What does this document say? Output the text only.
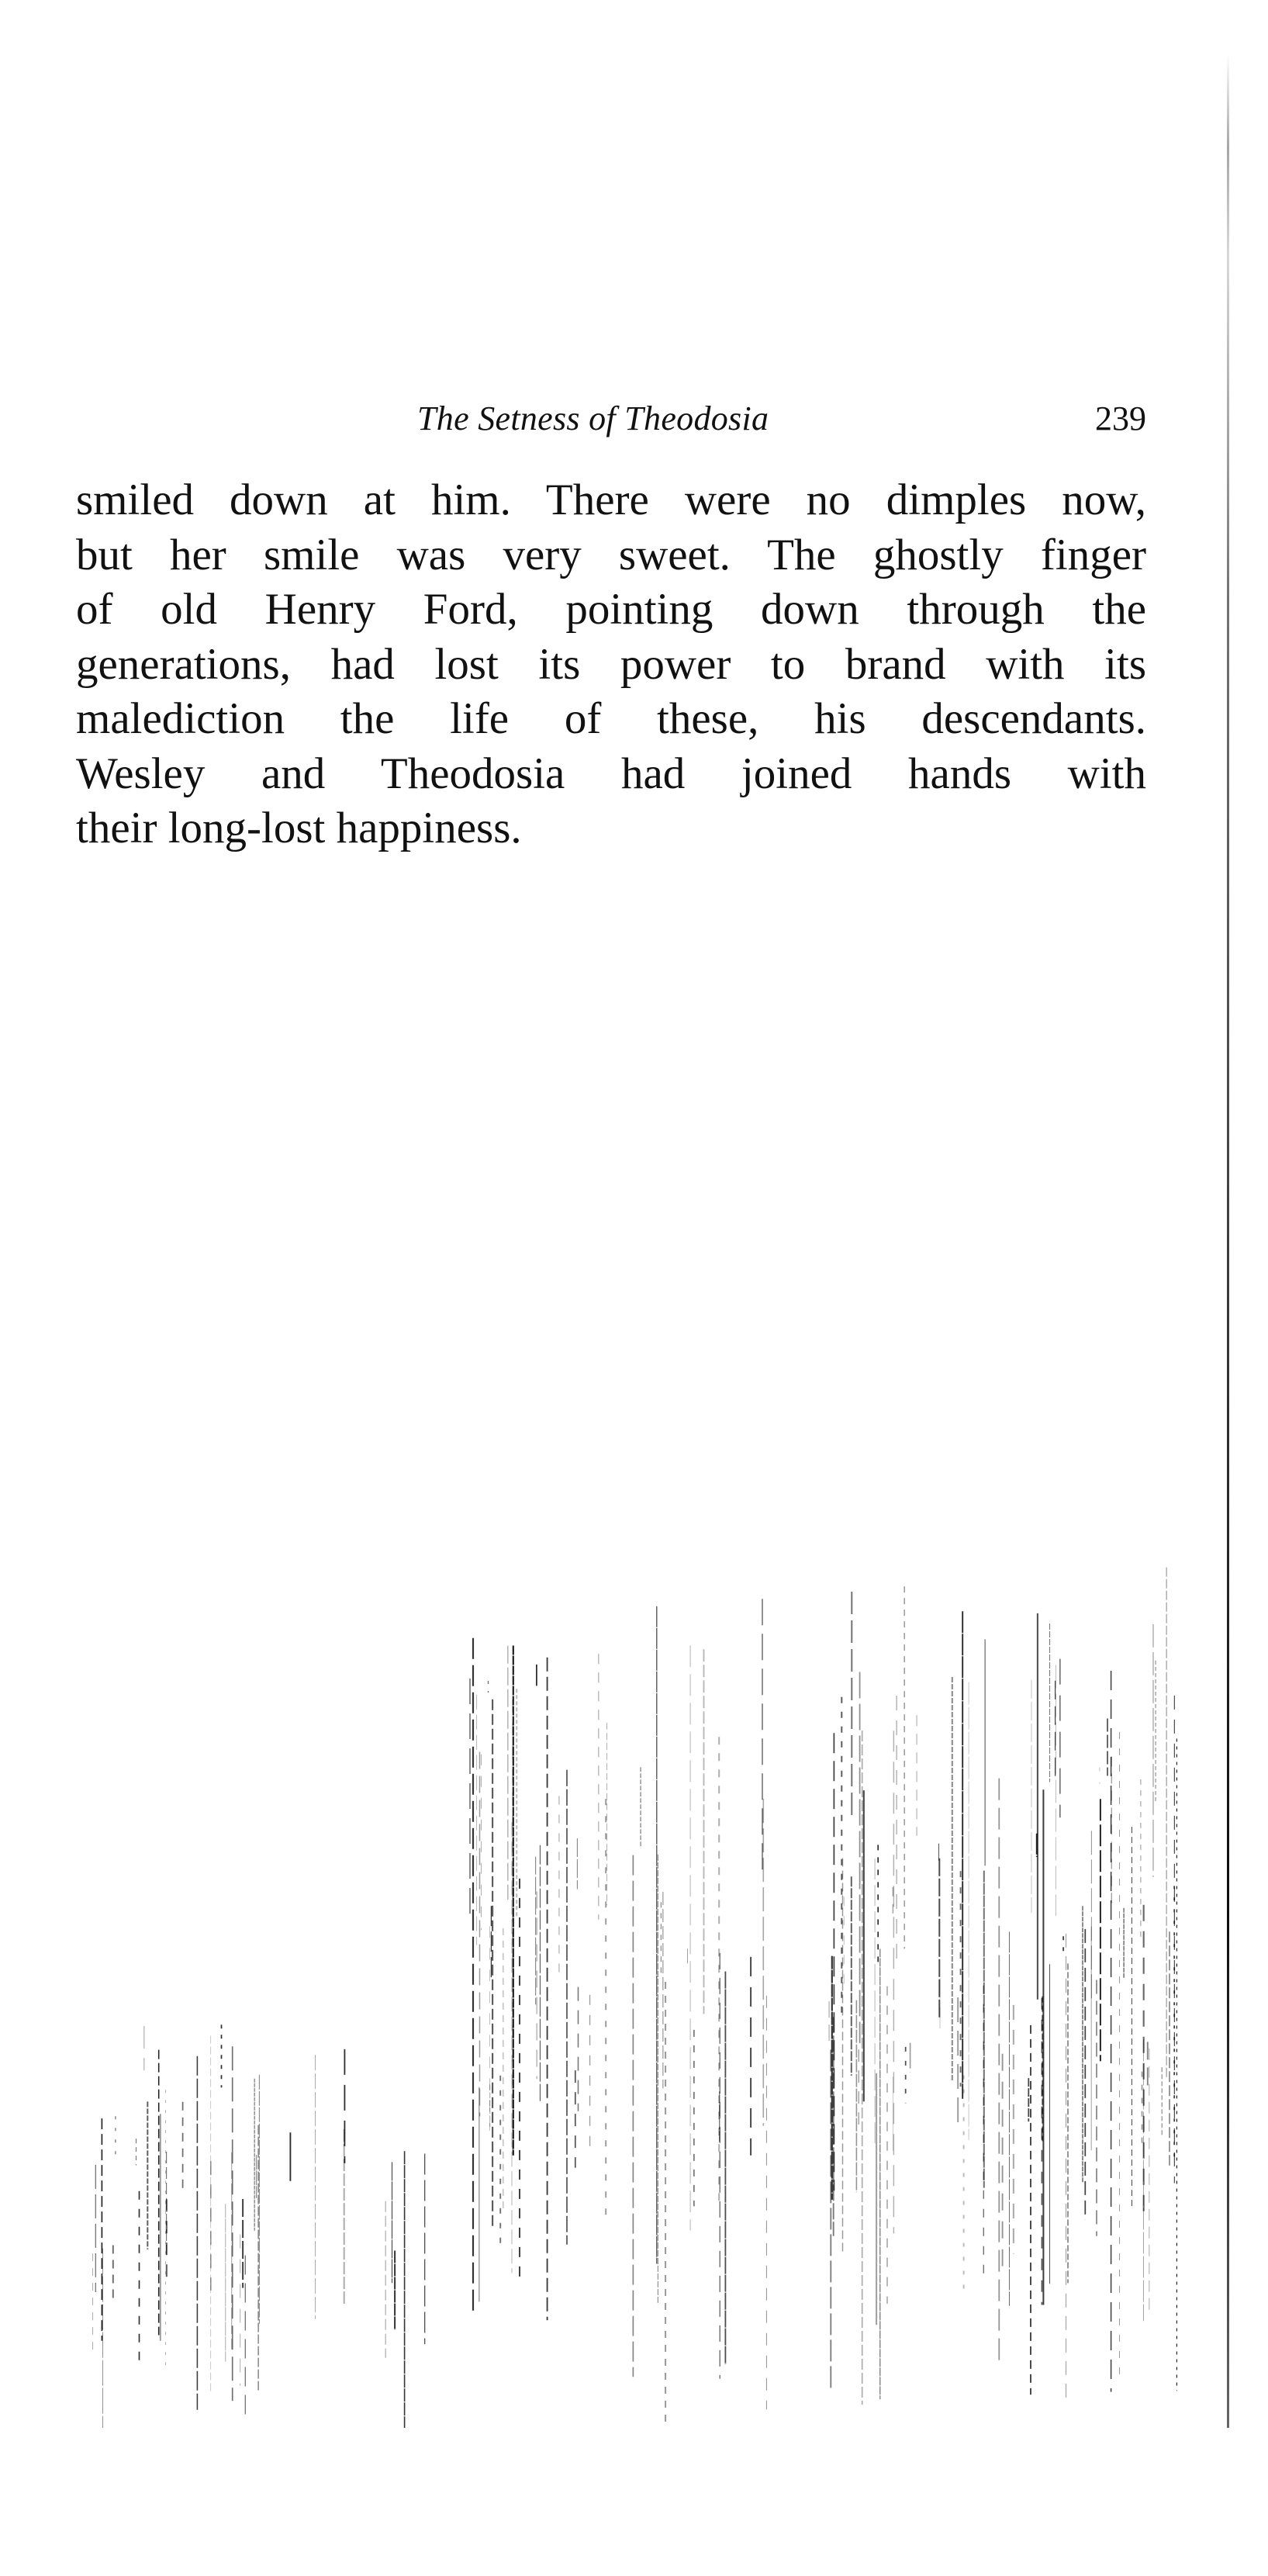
The Setness of Theodosia	239
smiled down at him. There were no dimples now,
but her smile was very sweet. The ghostly finger
of old Henry Ford, pointing down through the
generations, had lost its power to brand with its
malediction the life of these, his descendants.
Wesley and Theodosia had joined hands with
their long-lost happiness.
